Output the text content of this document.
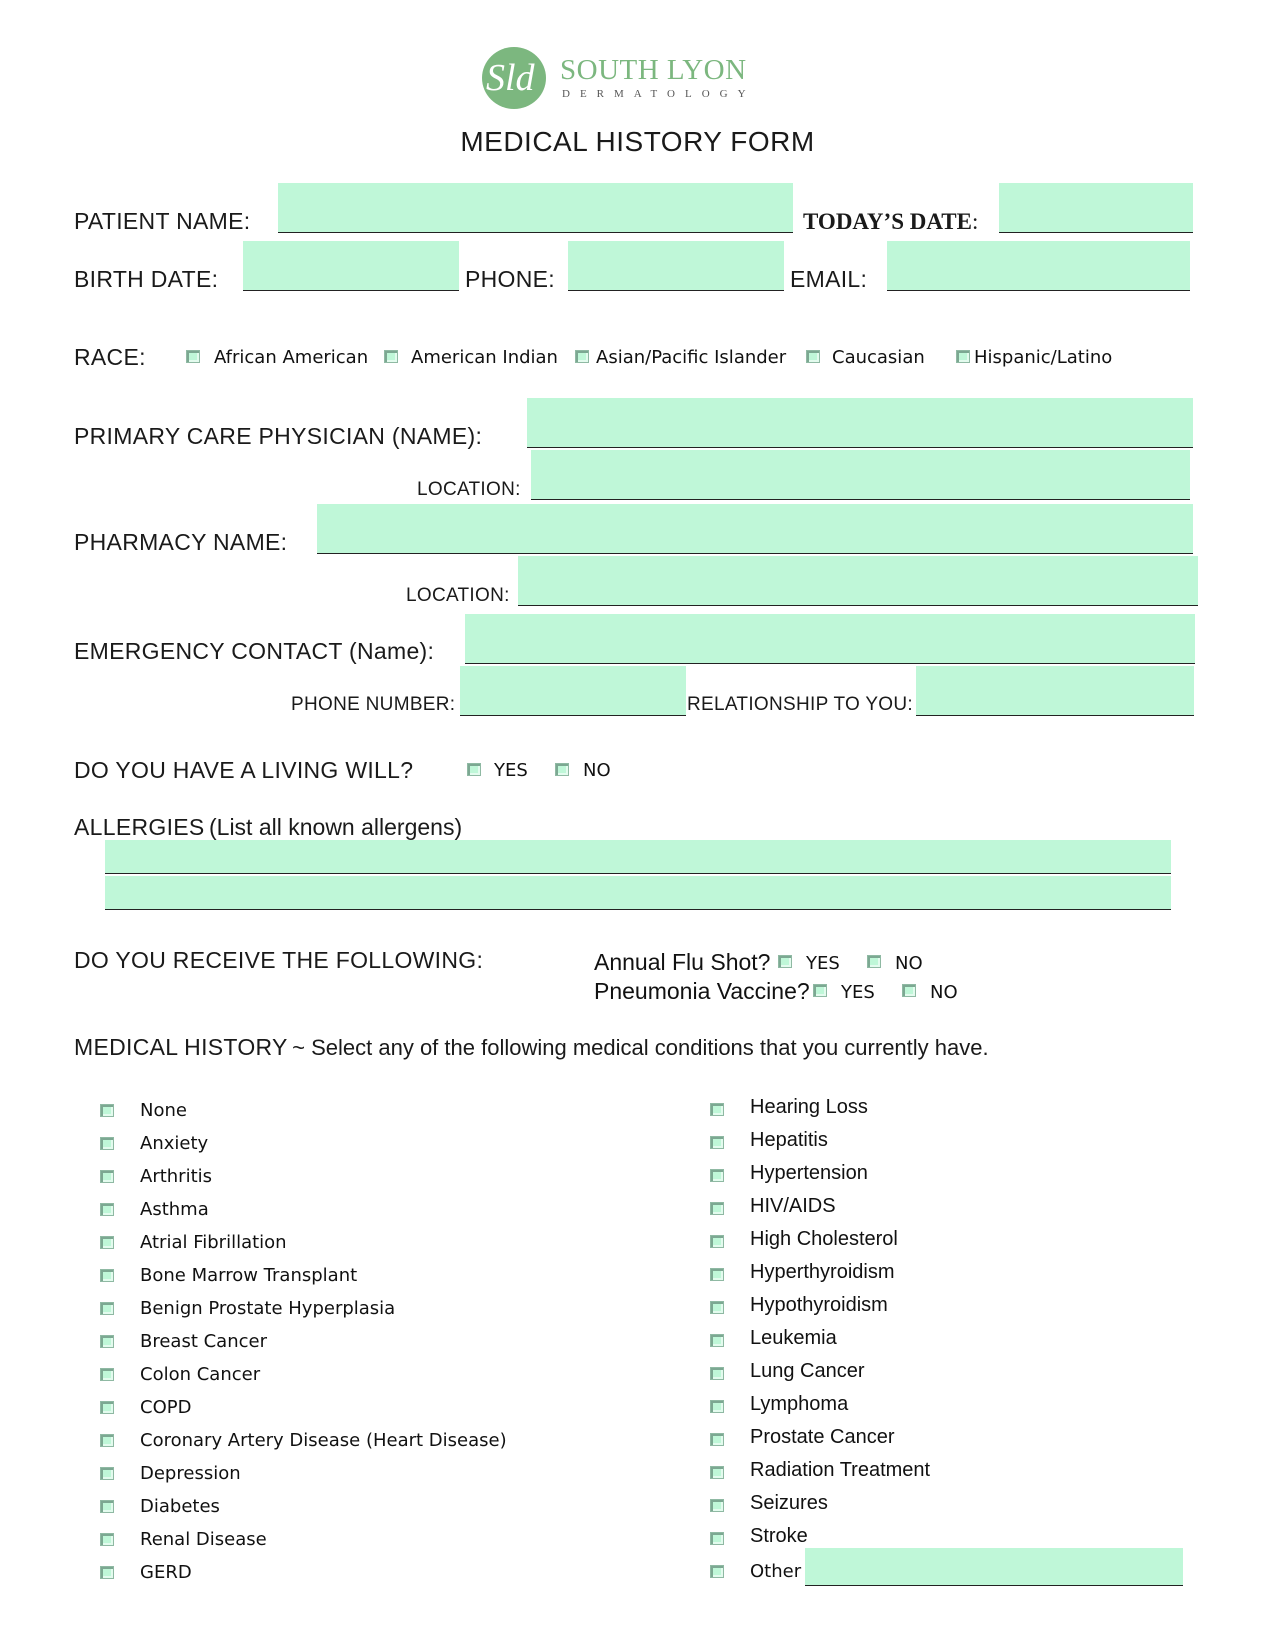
Sld SOUTH LYON
DERMATOLOGY
MEDICAL HISTORY FORM
PATIENT NAME:	TODAY’S DATE:
BIRTH DATE:	PHONE:	EMAIL:
RACE:	African American American Indian Asian/Pacific Islander	Caucasian	Hispanic/Latino
PRIMARY CARE PHYSICIAN (NAME):
LOCATION:
PHARMACY NAME:
LOCATION:
EMERGENCY CONTACT (Name):
PHONE NUMBER:	RELATIONSHIP TO YOU:
DO YOU HAVE A LIVING WILL?	YES	NO
ALLERGIES (List all known allergens)
DO YOU RECEIVE THE FOLLOWING:	Annual Flu Shot? YES	NO
Pneumonia Vaccine? YES	NO
MEDICAL HISTORY ~ Select any of the following medical conditions that you currently have.
None
Anxiety
Arthritis
Asthma
Atrial Fibrillation
Bone Marrow Transplant
Benign Prostate Hyperplasia
Breast Cancer
Colon Cancer
COPD
Coronary Artery Disease (Heart Disease)
Depression
Diabetes
Renal Disease
GERD
Hearing Loss
Hepatitis
Hypertension
HIV/AIDS
High Cholesterol
Hyperthyroidism
Hypothyroidism
Leukemia
Lung Cancer
Lymphoma
Prostate Cancer
Radiation Treatment
Seizures
Stroke
Other
